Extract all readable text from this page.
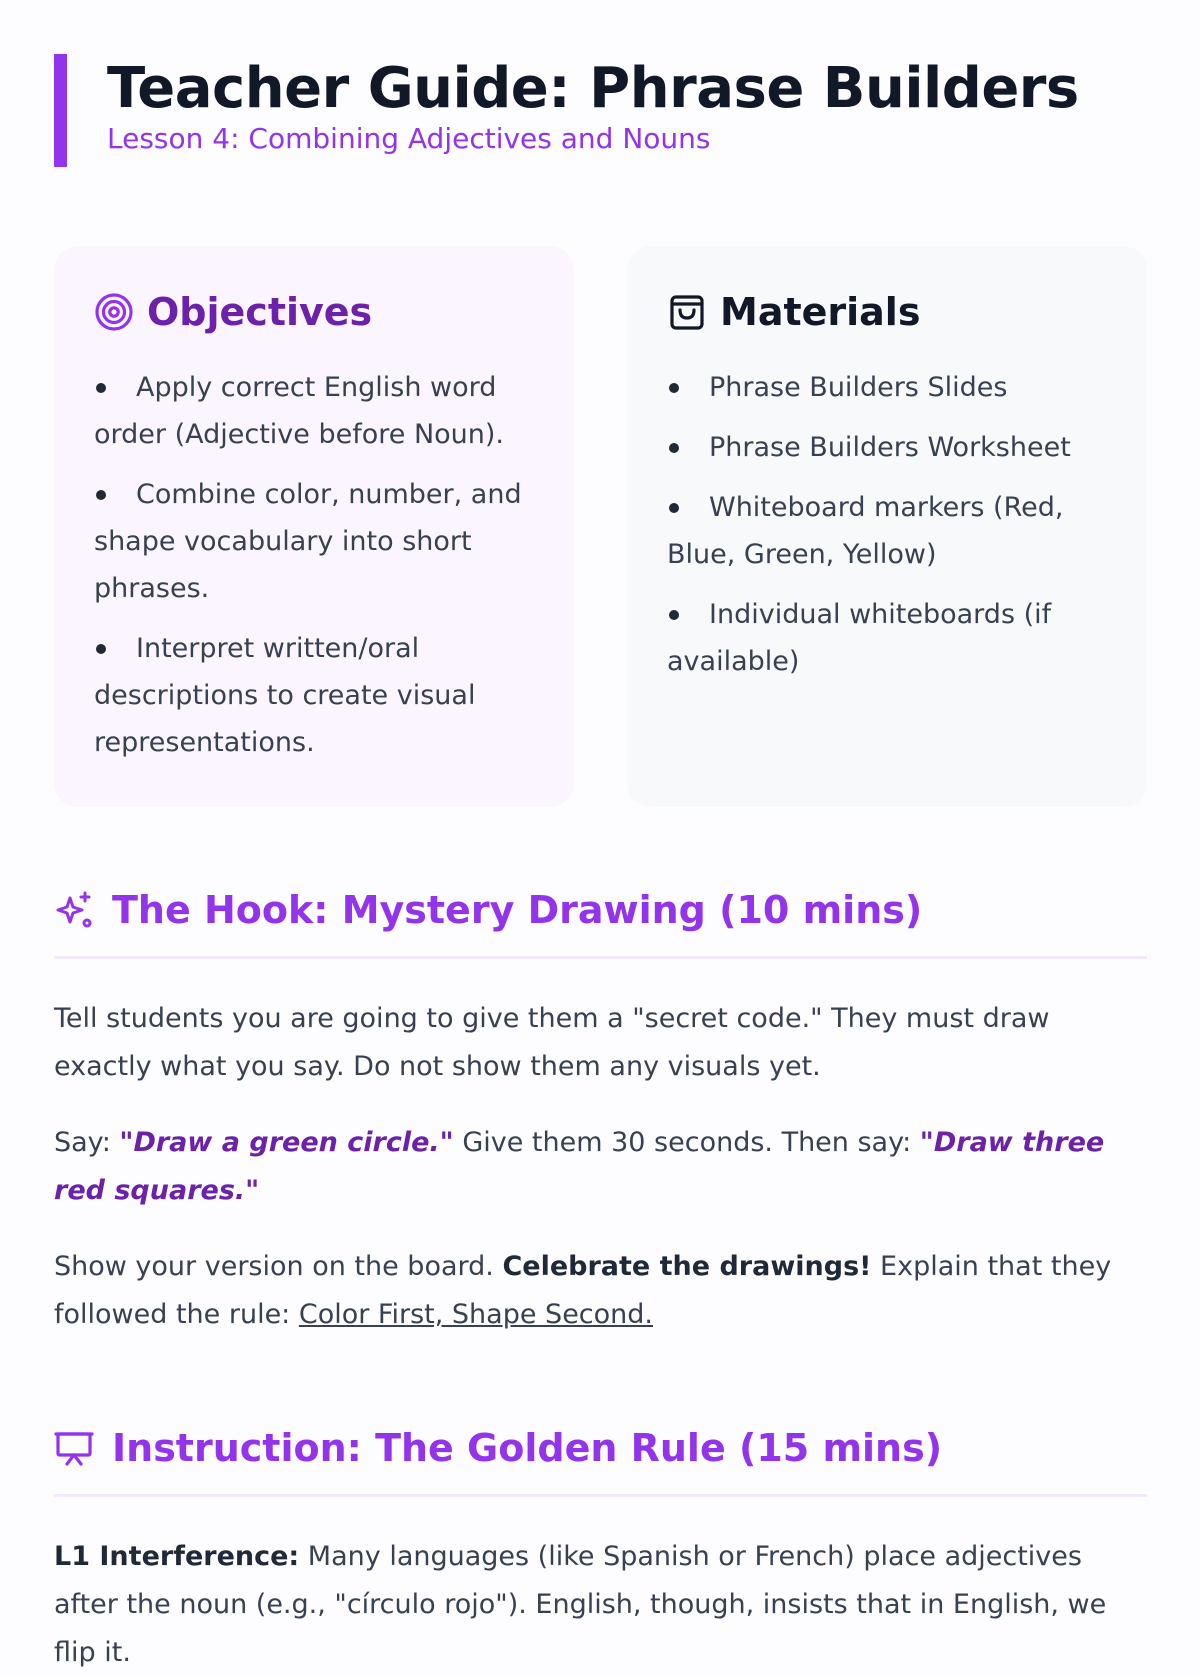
Teacher Guide: Phrase Builders
Lesson 4: Combining Adjectives and Nouns
Objectives
Apply correct English word order (Adjective before Noun).
Combine color, number, and shape vocabulary into short phrases.
Interpret written/oral descriptions to create visual representations.
Materials
Phrase Builders Slides
Phrase Builders Worksheet
Whiteboard markers (Red, Blue, Green, Yellow)
Individual whiteboards (if available)
The Hook: Mystery Drawing (10 mins)

Tell students you are going to give them a "secret code." They must draw exactly what you say. Do not show them any visuals yet.

Say: "Draw a green circle." Give them 30 seconds. Then say: "Draw three red squares."

Show your version on the board. Celebrate the drawings! Explain that they followed the rule: Color First, Shape Second.

Instruction: The Golden Rule (15 mins)

L1 Interference: Many languages (like Spanish or French) place adjectives after the noun (e.g., "círculo rojo"). English, though, insists that in English, we flip it.
